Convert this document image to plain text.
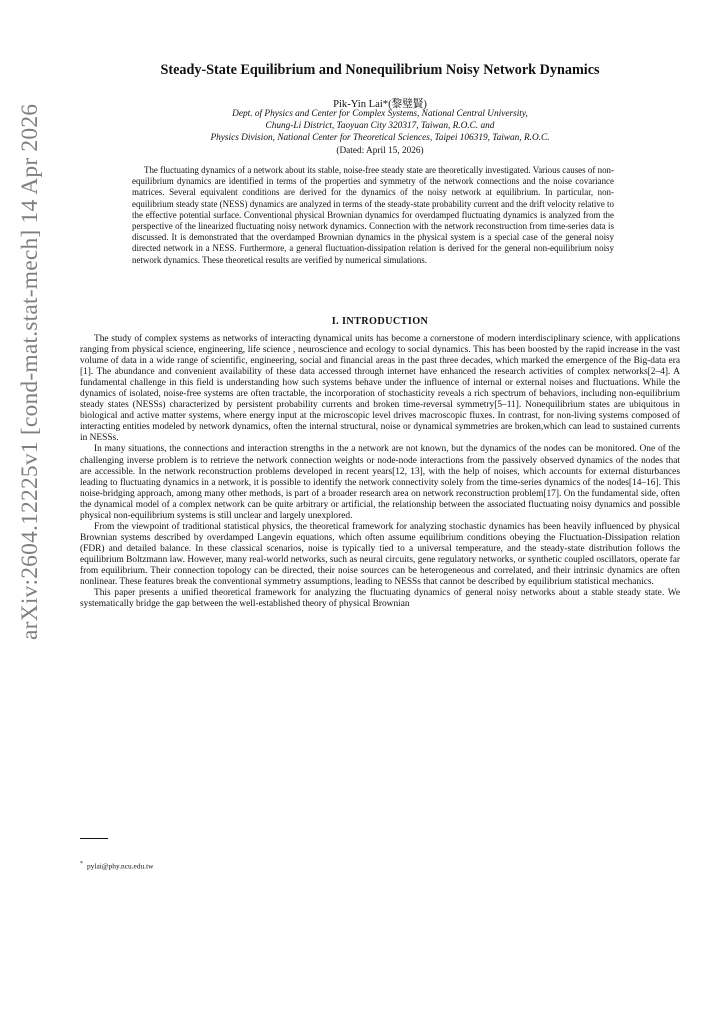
arXiv:2604.12225v1 [cond-mat.stat-mech] 14 Apr 2026
Steady-State Equilibrium and Nonequilibrium Noisy Network Dynamics
Pik-Yin Lai*(黎璧賢)
Dept. of Physics and Center for Complex Systems, National Central University,
Chung-Li District, Taoyuan City 320317, Taiwan, R.O.C. and
Physics Division, National Center for Theoretical Sciences, Taipei 106319, Taiwan, R.O.C.
(Dated: April 15, 2026)
The fluctuating dynamics of a network about its stable, noise-free steady state are theoretically investigated. Various causes of non-equilibrium dynamics are identified in terms of the properties and symmetry of the network connections and the noise covariance matrices. Several equivalent conditions are derived for the dynamics of the noisy network at equilibrium. In particular, non-equilibrium steady state (NESS) dynamics are analyzed in terms of the steady-state probability current and the drift velocity relative to the effective potential surface. Conventional physical Brownian dynamics for overdamped fluctuating dynamics is analyzed from the perspective of the linearized fluctuating noisy network dynamics. Connection with the network reconstruction from time-series data is discussed. It is demonstrated that the overdamped Brownian dynamics in the physical system is a special case of the general noisy directed network in a NESS. Furthermore, a general fluctuation-dissipation relation is derived for the general non-equilibrium noisy network dynamics. These theoretical results are verified by numerical simulations.
I. INTRODUCTION

The study of complex systems as networks of interacting dynamical units has become a cornerstone of modern interdisciplinary science, with applications ranging from physical science, engineering, life science , neuroscience and ecology to social dynamics. This has been boosted by the rapid increase in the vast volume of data in a wide range of scientific, engineering, social and financial areas in the past three decades, which marked the emergence of the Big-data era [1]. The abundance and convenient availability of these data accessed through internet have enhanced the research activities of complex networks[2–4]. A fundamental challenge in this field is understanding how such systems behave under the influence of internal or external noises and fluctuations. While the dynamics of isolated, noise-free systems are often tractable, the incorporation of stochasticity reveals a rich spectrum of behaviors, including non-equilibrium steady states (NESSs) characterized by persistent probability currents and broken time-reversal symmetry[5–11]. Nonequilibrium states are ubiquitous in biological and active matter systems, where energy input at the microscopic level drives macroscopic fluxes. In contrast, for non-living systems composed of interacting entities modeled by network dynamics, often the internal structural, noise or dynamical symmetries are broken,which can lead to sustained currents in NESSs.

In many situations, the connections and interaction strengths in the a network are not known, but the dynamics of the nodes can be monitored. One of the challenging inverse problem is to retrieve the network connection weights or node-node interactions from the passively observed dynamics of the nodes that are accessible. In the network reconstruction problems developed in recent years[12, 13], with the help of noises, which accounts for external disturbances leading to fluctuating dynamics in a network, it is possible to identify the network connectivity solely from the time-series dynamics of the nodes[14–16]. This noise-bridging approach, among many other methods, is part of a broader research area on network reconstruction problem[17]. On the fundamental side, often the dynamical model of a complex network can be quite arbitrary or artificial, the relationship between the associated fluctuating noisy dynamics and possible physical non-equilibrium systems is still unclear and largely unexplored.

From the viewpoint of traditional statistical physics, the theoretical framework for analyzing stochastic dynamics has been heavily influenced by physical Brownian systems described by overdamped Langevin equations, which often assume equilibrium conditions obeying the Fluctuation-Dissipation relation (FDR) and detailed balance. In these classical scenarios, noise is typically tied to a universal temperature, and the steady-state distribution follows the equilibrium Boltzmann law. However, many real-world networks, such as neural circuits, gene regulatory networks, or synthetic coupled oscillators, operate far from equilibrium. Their connection topology can be directed, their noise sources can be heterogeneous and correlated, and their intrinsic dynamics are often nonlinear. These features break the conventional symmetry assumptions, leading to NESSs that cannot be described by equilibrium statistical mechanics.

This paper presents a unified theoretical framework for analyzing the fluctuating dynamics of general noisy networks about a stable steady state. We systematically bridge the gap between the well-established theory of physical Brownian

* pylai@phy.ncu.edu.tw
